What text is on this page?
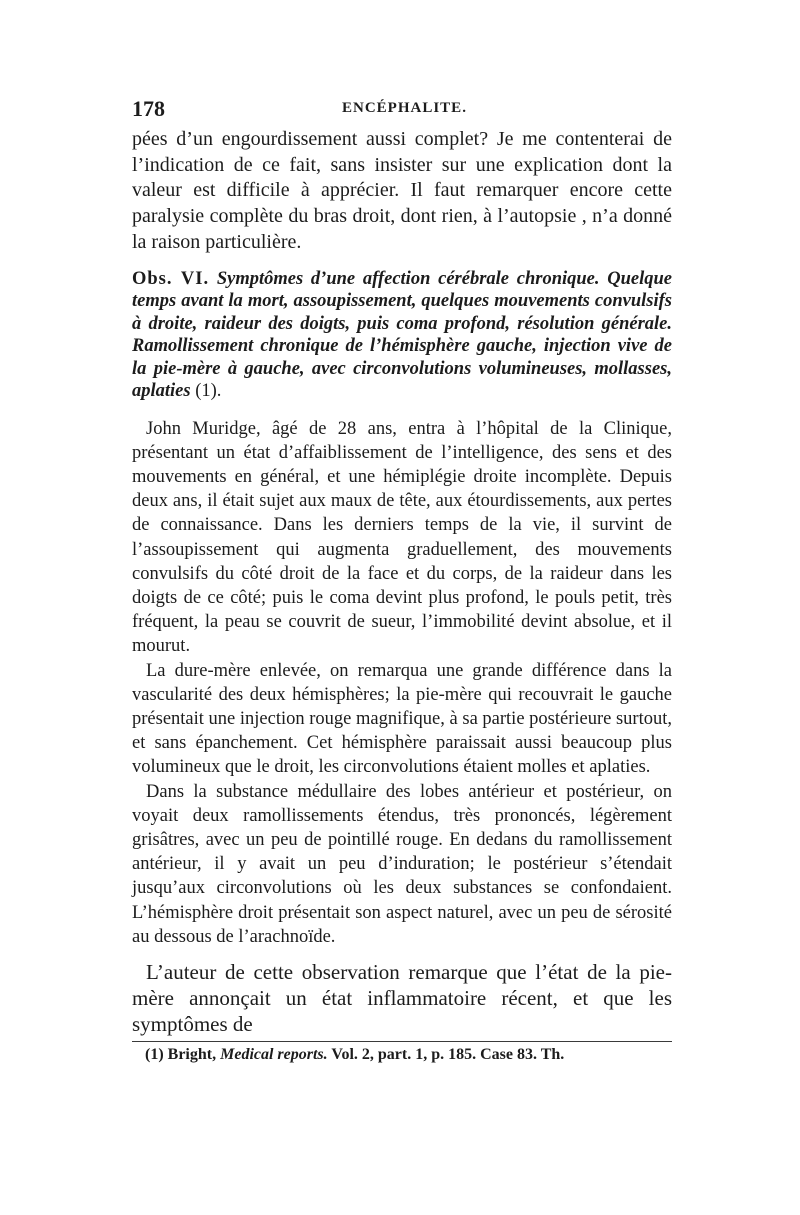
178	ENCÉPHALITE.

pées d’un engourdissement aussi complet? Je me contenterai de l’indication de ce fait, sans insister sur une explication dont la valeur est difficile à apprécier. Il faut remarquer encore cette paralysie complète du bras droit, dont rien, à l’autopsie , n’a donné la raison particulière.

Obs. VI. Symptômes d’une affection cérébrale chronique. Quelque temps avant la mort, assoupissement, quelques mouvements convulsifs à droite, raideur des doigts, puis coma profond, résolution générale. Ramollissement chronique de l’hémisphère gauche, injection vive de la pie-mère à gauche, avec circonvolutions volumineuses, mollasses, aplaties (1).

John Muridge, âgé de 28 ans, entra à l’hôpital de la Clinique, présentant un état d’affaiblissement de l’intelligence, des sens et des mouvements en général, et une hémiplégie droite incomplète. Depuis deux ans, il était sujet aux maux de tête, aux étourdissements, aux pertes de connaissance. Dans les derniers temps de la vie, il survint de l’assoupissement qui augmenta graduellement, des mouvements convulsifs du côté droit de la face et du corps, de la raideur dans les doigts de ce côté; puis le coma devint plus profond, le pouls petit, très fréquent, la peau se couvrit de sueur, l’immobilité devint absolue, et il mourut.

La dure-mère enlevée, on remarqua une grande différence dans la vascularité des deux hémisphères; la pie-mère qui recouvrait le gauche présentait une injection rouge magnifique, à sa partie postérieure surtout, et sans épanchement. Cet hémisphère paraissait aussi beaucoup plus volumineux que le droit, les circonvolutions étaient molles et aplaties.

Dans la substance médullaire des lobes antérieur et postérieur, on voyait deux ramollissements étendus, très prononcés, légèrement grisâtres, avec un peu de pointillé rouge. En dedans du ramollissement antérieur, il y avait un peu d’induration; le postérieur s’étendait jusqu’aux circonvolutions où les deux substances se confondaient. L’hémisphère droit présentait son aspect naturel, avec un peu de sérosité au dessous de l’arachnoïde.

L’auteur de cette observation remarque que l’état de la pie-mère annonçait un état inflammatoire récent, et que les symptômes de

(1) Bright, Medical reports. Vol. 2, part. 1, p. 185. Case 83. Th.
